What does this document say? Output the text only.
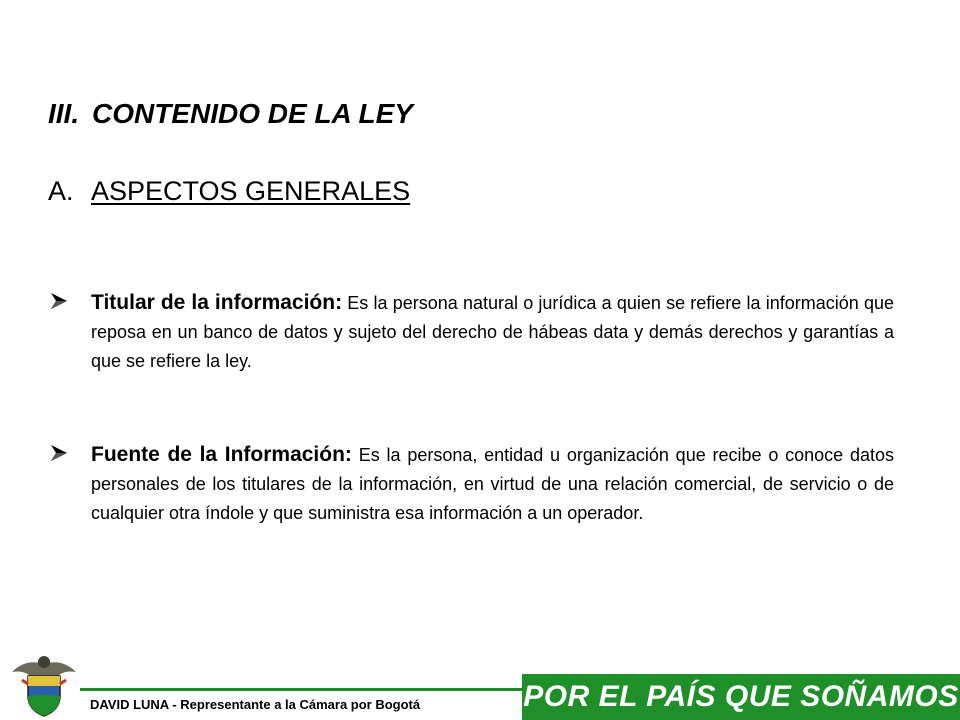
III. CONTENIDO DE LA LEY
A. ASPECTOS GENERALES
Titular de la información: Es la persona natural o jurídica a quien se refiere la información que reposa en un banco de datos y sujeto del derecho de hábeas data y demás derechos y garantías a que se refiere la ley.
Fuente de la Información: Es la persona, entidad u organización que recibe o conoce datos personales de los titulares de la información, en virtud de una relación comercial, de servicio o de cualquier otra índole y que suministra esa información a un operador.
DAVID LUNA - Representante a la Cámara por Bogotá	POR EL PAÍS QUE SOÑAMOS
